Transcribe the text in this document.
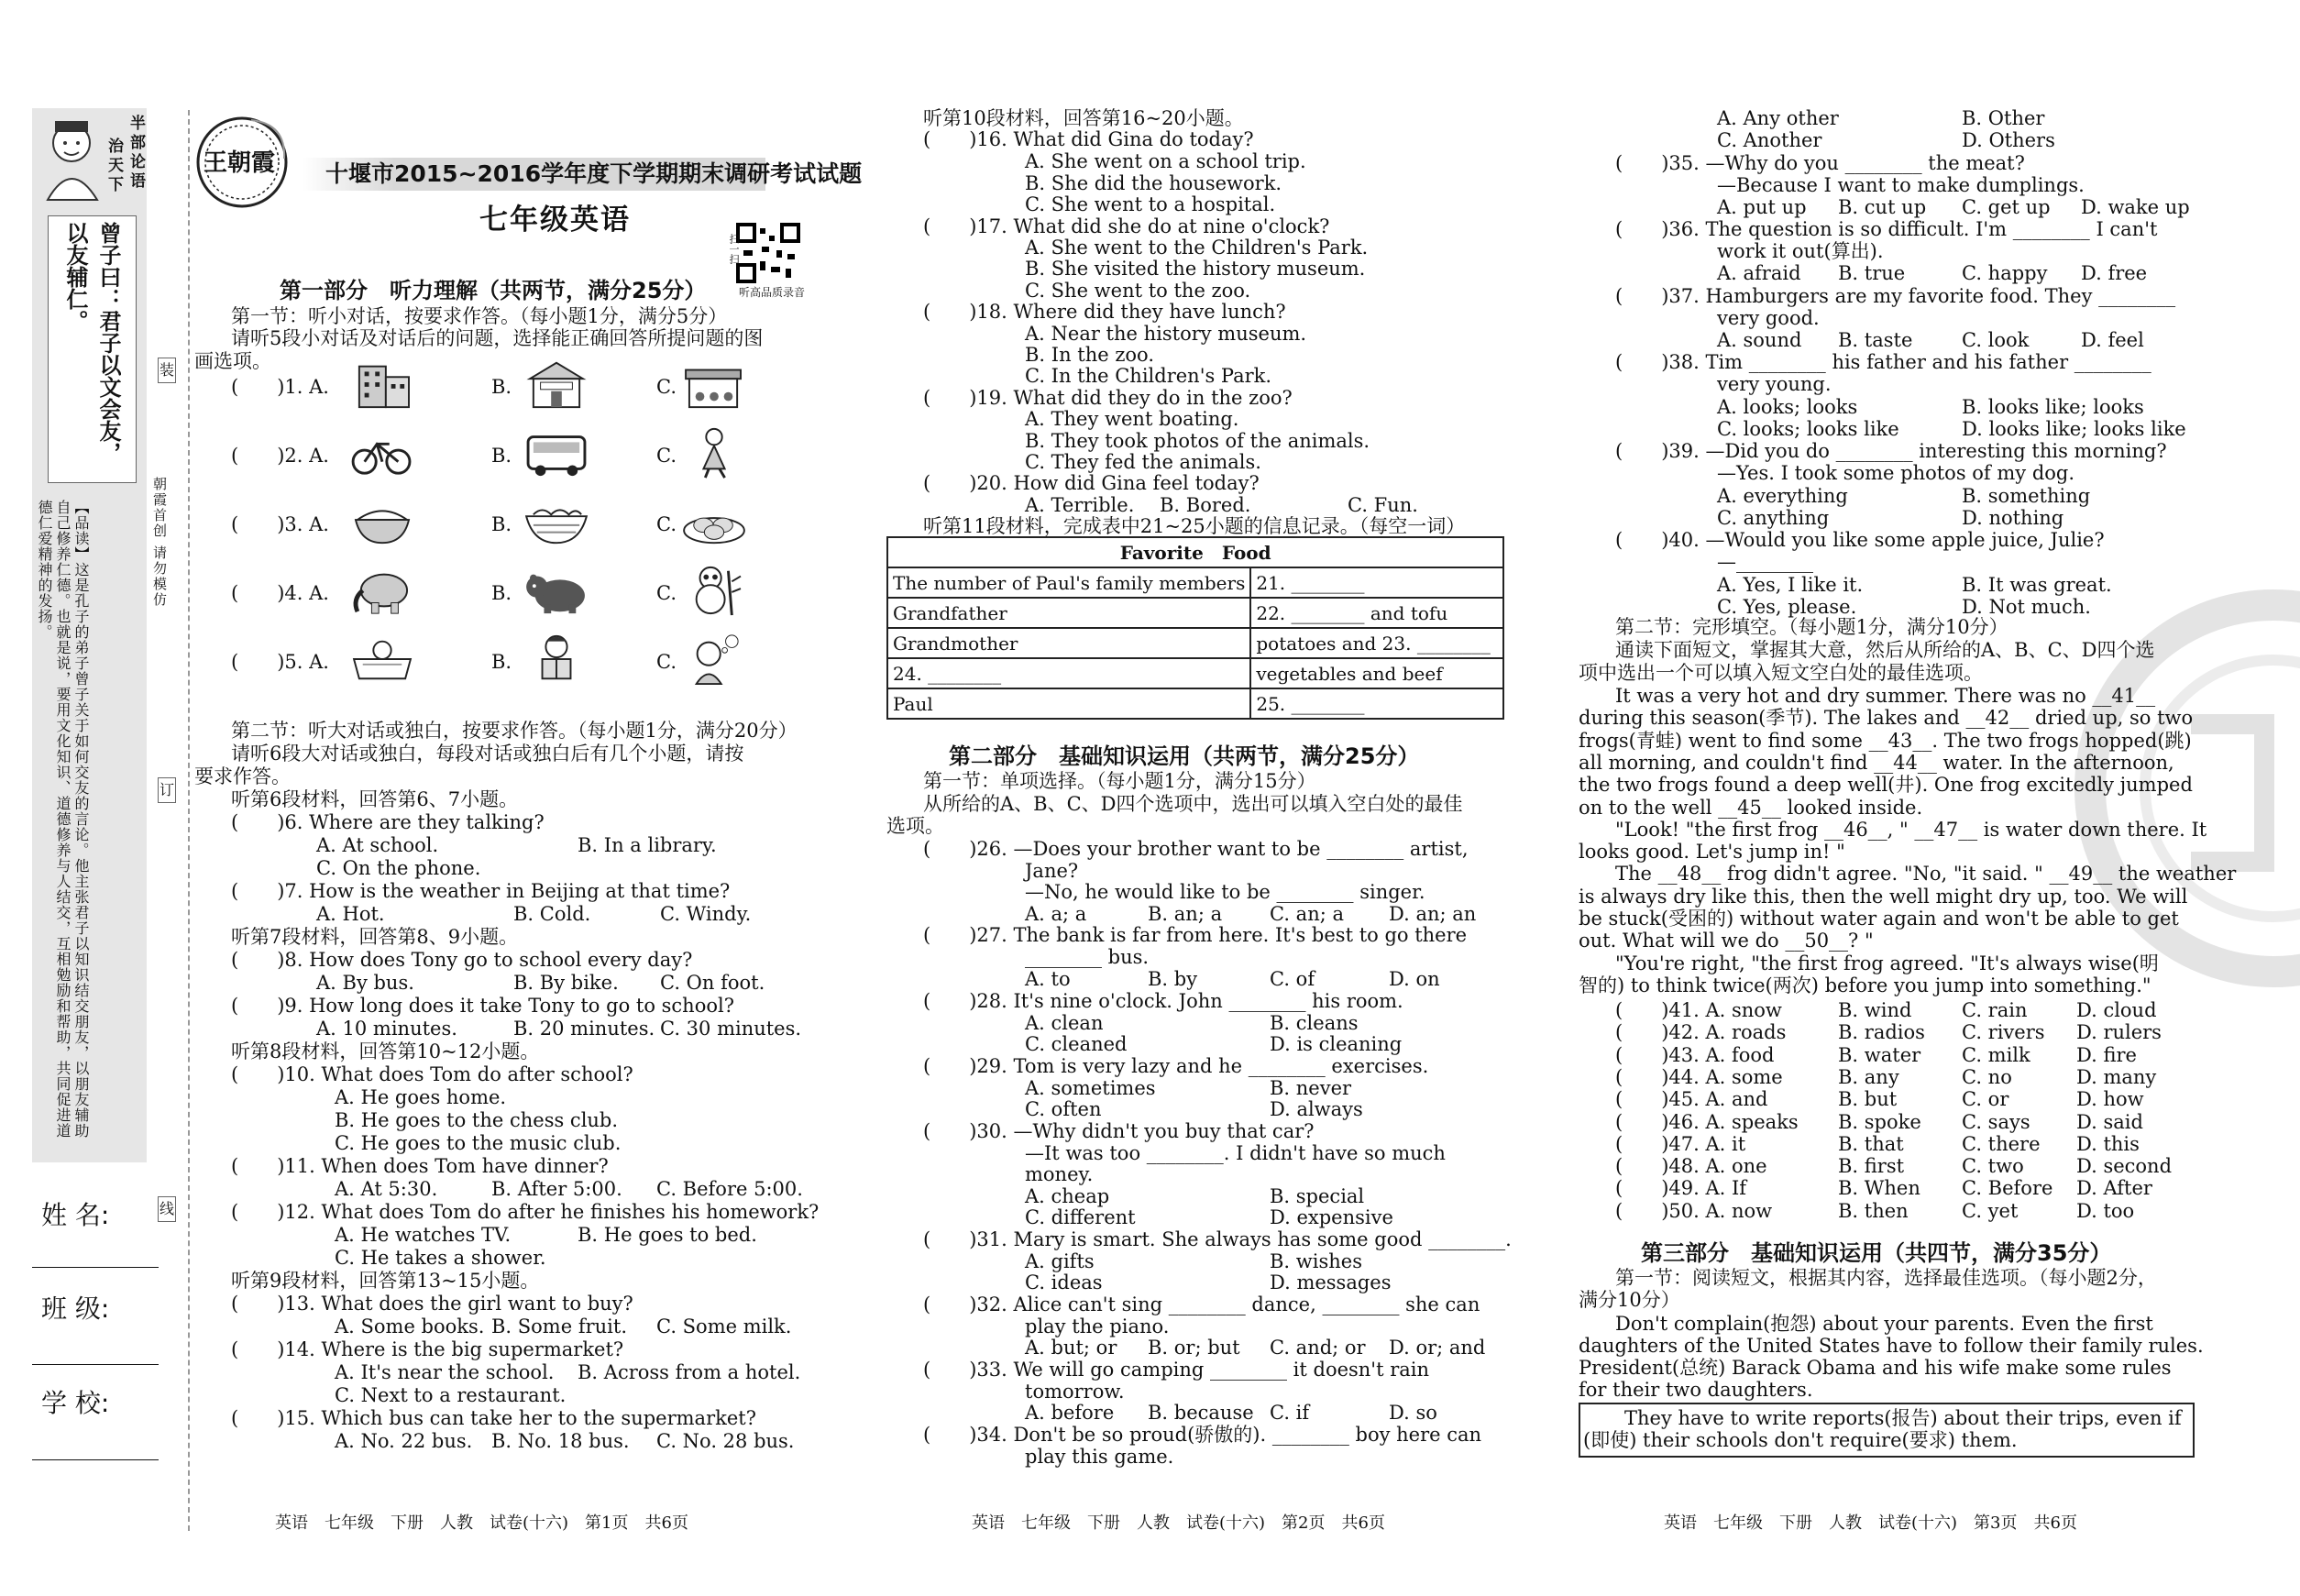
半部论语
治天下
曾子曰：君子以文会友，以友辅仁。
【品读】这是孔子的弟子曾子关于如何交友的言论。他主张君子以知识结交朋友，以朋友辅助自己修养仁德。也就是说，要用文化知识、道德修养与人结交，互相勉励和帮助，共同促进道德仁爱精神的发扬。	朝霞首创 请勿模仿
装
订
线
姓 名:
班 级:
学 校:
王朝霞 十堰市2015~2016学年度下学期期末调研考试试题
七年级英语
扫一扫
听高品质录音
第一部分　听力理解（共两节，满分25分）
第一节：听小对话，按要求作答。（每小题1分，满分5分）
请听5段小对话及对话后的问题，选择能正确回答所提问题的图
画选项。
(　　)1. A.	B.	C.
(　　)2. A.	B.	C.
(　　)3. A.	B.	C.
(　　)4. A.	B.	C.
(　　)5. A.	B.	C.
第二节：听大对话或独白，按要求作答。（每小题1分，满分20分）
请听6段大对话或独白，每段对话或独白后有几个小题，请按
要求作答。
听第6段材料，回答第6、7小题。
(　　)6. Where are they talking?
A. At school.	B. In a library.
C. On the phone.
(　　)7. How is the weather in Beijing at that time?
A. Hot.	B. Cold.	C. Windy.
听第7段材料，回答第8、9小题。
(　　)8. How does Tony go to school every day?
A. By bus.	B. By bike. C. On foot.
(　　)9. How long does it take Tony to go to school?
A. 10 minutes.	B. 20 minutes. C. 30 minutes.
听第8段材料，回答第10~12小题。
(　　)10. What does Tom do after school?
A. He goes home.
B. He goes to the chess club.
C. He goes to the music club.
(　　)11. When does Tom have dinner?
A. At 5:30.	B. After 5:00. C. Before 5:00.
(　　)12. What does Tom do after he finishes his homework?
A. He watches TV.	B. He goes to bed.
C. He takes a shower.
听第9段材料，回答第13~15小题。
(　　)13. What does the girl want to buy?
A. Some books. B. Some fruit. C. Some milk.
(　　)14. Where is the big supermarket?
A. It's near the school. B. Across from a hotel.
C. Next to a restaurant.
(　　)15. Which bus can take her to the supermarket?
A. No. 22 bus. B. No. 18 bus. C. No. 28 bus.
英语　七年级　下册　人教　试卷(十六)　第1页　共6页
听第10段材料，回答第16~20小题。
(　　)16. What did Gina do today?
A. She went on a school trip.
B. She did the housework.
C. She went to a hospital.
(　　)17. What did she do at nine o'clock?
A. She went to the Children's Park.
B. She visited the history museum.
C. She went to the zoo.
(　　)18. Where did they have lunch?
A. Near the history museum.
B. In the zoo.
C. In the Children's Park.
(　　)19. What did they do in the zoo?
A. They went boating.
B. They took photos of the animals.
C. They fed the animals.
(　　)20. How did Gina feel today?
A. Terrible. B. Bored.	C. Fun.
听第11段材料，完成表中21~25小题的信息记录。（每空一词）
Favorite　Food	
The number of Paul's family members	21. ________
Grandfather	22. ________ and tofu
Grandmother	potatoes and 23. ________
24. ________	vegetables and beef
Paul	25. ________
第二部分　基础知识运用（共两节，满分25分）
第一节：单项选择。（每小题1分，满分15分）
从所给的A、B、C、D四个选项中，选出可以填入空白处的最佳
选项。
(　　)26. —Does your brother want to be ________ artist,
Jane?
—No, he would like to be ________ singer.
A. a; a	B. an; a C. an; a D. an; an
(　　)27. The bank is far from here. It's best to go there
________ bus.
A. to	B. by	C. of	D. on
(　　)28. It's nine o'clock. John ________ his room.
A. clean	B. cleans
C. cleaned	D. is cleaning
(　　)29. Tom is very lazy and he ________ exercises.
A. sometimes	B. never
C. often	D. always
(　　)30. —Why didn't you buy that car?
—It was too ________. I didn't have so much
money.
A. cheap	B. special
C. different	D. expensive
(　　)31. Mary is smart. She always has some good ________.
A. gifts	B. wishes
C. ideas	D. messages
(　　)32. Alice can't sing ________ dance, ________ she can
play the piano.
A. but; or B. or; but C. and; or D. or; and
(　　)33. We will go camping ________ it doesn't rain
tomorrow.
A. before B. because C. if	D. so
(　　)34. Don't be so proud(骄傲的). ________ boy here can
play this game.
英语　七年级　下册　人教　试卷(十六)　第2页　共6页
A. Any other	B. Other
C. Another	D. Others
(　　)35. —Why do you ________ the meat?
—Because I want to make dumplings.
A. put up B. cut up C. get up D. wake up
(　　)36. The question is so difficult. I'm ________ I can't
work it out(算出).
A. afraid B. true	C. happy D. free
(　　)37. Hamburgers are my favorite food. They ________
very good.
A. sound B. taste	C. look	D. feel
(　　)38. Tim ________ his father and his father ________
very young.
A. looks; looks	B. looks like; looks
C. looks; looks like	D. looks like; looks like
(　　)39. —Did you do ________ interesting this morning?
—Yes. I took some photos of my dog.
A. everything	B. something
C. anything	D. nothing
(　　)40. —Would you like some apple juice, Julie?
—________
A. Yes, I like it.	B. It was great.
C. Yes, please.	D. Not much.
第二节：完形填空。（每小题1分，满分10分）
通读下面短文，掌握其大意，然后从所给的A、B、C、D四个选
项中选出一个可以填入短文空白处的最佳选项。
It was a very hot and dry summer. There was no __41__
during this season(季节). The lakes and __42__ dried up, so two
frogs(青蛙) went to find some __43__. The two frogs hopped(跳)
all morning, and couldn't find __44__ water. In the afternoon,
the two frogs found a deep well(井). One frog excitedly jumped
on to the well __45__ looked inside.
"Look! "the first frog __46__, " __47__ is water down there. It
looks good. Let's jump in! "
The __48__ frog didn't agree. "No, "it said. " __49__ the weather
is always dry like this, then the well might dry up, too. We will
be stuck(受困的) without water again and won't be able to get
out. What will we do __50__? "
"You're right, "the first frog agreed. "It's always wise(明
智的) to think twice(两次) before you jump into something."
(　　)41. A. snow	B. wind	C. rain	D. cloud
(　　)42. A. roads	B. radios C. rivers D. rulers
(　　)43. A. food	B. water C. milk D. fire
(　　)44. A. some	B. any	C. no	D. many
(　　)45. A. and	B. but	C. or	D. how
(　　)46. A. speaks B. spoke C. says D. said
(　　)47. A. it	B. that	C. there D. this
(　　)48. A. one	B. first	C. two	D. second
(　　)49. A. If	B. When C. Before D. After
(　　)50. A. now	B. then	C. yet	D. too
第三部分　基础知识运用（共四节，满分35分）
第一节：阅读短文，根据其内容，选择最佳选项。（每小题2分，
满分10分）
Don't complain(抱怨) about your parents. Even the first
daughters of the United States have to follow their family rules.
President(总统) Barack Obama and his wife make some rules
for their two daughters.
They have to write reports(报告) about their trips, even if
(即使) their schools don't require(要求) them.
英语　七年级　下册　人教　试卷(十六)　第3页　共6页
